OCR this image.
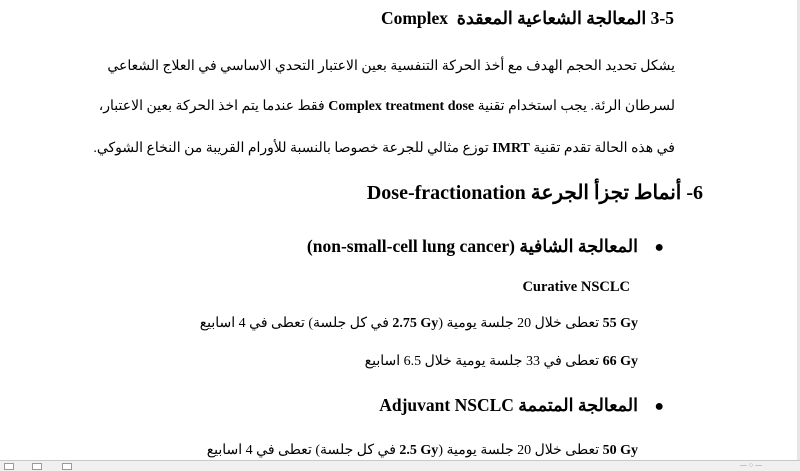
3-5 المعالجة الشعاعية المعقدة  Complex
يشكل تحديد الحجم الهدف مع أخذ الحركة التنفسية بعين الاعتبار التحدي الاساسي في العلاج الشعاعي
لسرطان الرئة. يجب استخدام تقنية Complex treatment dose فقط عندما يتم اخذ الحركة بعين الاعتبار،
في هذه الحالة تقدم تقنية IMRT توزع مثالي للجرعة خصوصا بالنسبة للأورام القريبة من النخاع الشوكي.
6- أنماط تجزأ الجرعة Dose-fractionation
● المعالجة الشافية (non-small-cell lung cancer)
Curative NSCLC
55 Gy تعطى خلال 20 جلسة يومية (2.75 Gy في كل جلسة) تعطى في 4 اسابيع
66 Gy تعطى في 33 جلسة يومية خلال 6.5 اسابيع
● المعالجة المتممة Adjuvant NSCLC
50 Gy تعطى خلال 20 جلسة يومية (2.5 Gy في كل جلسة) تعطى في 4 اسابيع
— ○ —
